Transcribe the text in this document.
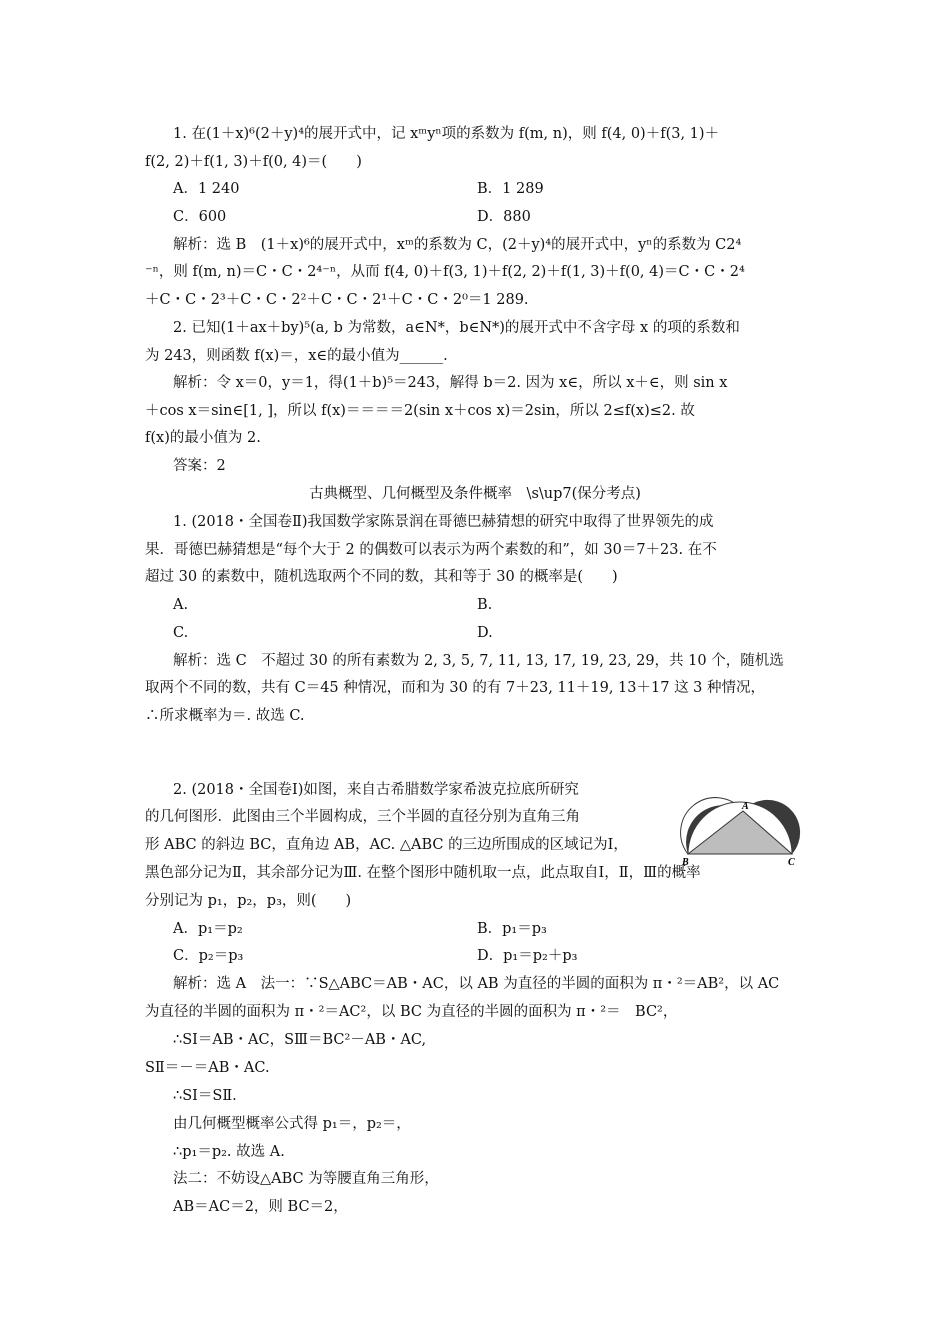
1. 在(1＋x)⁶(2＋y)⁴的展开式中，记 xᵐyⁿ项的系数为 f(m, n)，则 f(4, 0)＋f(3, 1)＋
f(2, 2)＋f(1, 3)＋f(0, 4)＝(　　)
A．1 240	B．1 289
C．600	D．880
解析：选 B　(1＋x)⁶的展开式中，xᵐ的系数为 C，(2＋y)⁴的展开式中，yⁿ的系数为 C2⁴
⁻ⁿ，则 f(m, n)＝C・C・2⁴⁻ⁿ，从而 f(4, 0)＋f(3, 1)＋f(2, 2)＋f(1, 3)＋f(0, 4)＝C・C・2⁴
＋C・C・2³＋C・C・2²＋C・C・2¹＋C・C・2⁰＝1 289.
2. 已知(1＋ax＋by)⁵(a, b 为常数，a∈N*，b∈N*)的展开式中不含字母 x 的项的系数和
为 243，则函数 f(x)＝，x∈的最小值为______.
解析：令 x＝0，y＝1，得(1＋b)⁵＝243，解得 b＝2. 因为 x∈，所以 x＋∈，则 sin x
＋cos x＝sin∈[1, ]，所以 f(x)＝＝＝＝2(sin x＋cos x)＝2sin，所以 2≤f(x)≤2. 故
f(x)的最小值为 2.
答案：2
古典概型、几何概型及条件概率　\s\up7(保分考点)
1. (2018・全国卷Ⅱ)我国数学家陈景润在哥德巴赫猜想的研究中取得了世界领先的成
果．哥德巴赫猜想是“每个大于 2 的偶数可以表示为两个素数的和”，如 30＝7＋23. 在不
超过 30 的素数中，随机选取两个不同的数，其和等于 30 的概率是(　　)
A.	B.
C.	D.
解析：选 C　不超过 30 的所有素数为 2, 3, 5, 7, 11, 13, 17, 19, 23, 29，共 10 个，随机选
取两个不同的数，共有 C＝45 种情况，而和为 30 的有 7＋23, 11＋19, 13＋17 这 3 种情况，
∴所求概率为＝. 故选 C.
2. (2018・全国卷Ⅰ)如图，来自古希腊数学家希波克拉底所研究
的几何图形．此图由三个半圆构成，三个半圆的直径分别为直角三角
形 ABC 的斜边 BC，直角边 AB，AC. △ABC 的三边所围成的区域记为Ⅰ，
黑色部分记为Ⅱ，其余部分记为Ⅲ. 在整个图形中随机取一点，此点取自Ⅰ，Ⅱ，Ⅲ的概率
分别记为 p₁，p₂，p₃，则(　　)
A．p₁＝p₂	B．p₁＝p₃
C．p₂＝p₃	D．p₁＝p₂＋p₃
解析：选 A　法一：∵S△ABC＝AB・AC，以 AB 为直径的半圆的面积为 π・²＝AB²，以 AC
为直径的半圆的面积为 π・²＝AC²，以 BC 为直径的半圆的面积为 π・²＝　BC²，
∴SⅠ＝AB・AC，SⅢ＝BC²－AB・AC,
SⅡ＝－＝AB・AC.
∴SⅠ＝SⅡ.
由几何概型概率公式得 p₁＝，p₂＝，
∴p₁＝p₂. 故选 A.
法二：不妨设△ABC 为等腰直角三角形，
AB＝AC＝2，则 BC＝2，
A
B	C
